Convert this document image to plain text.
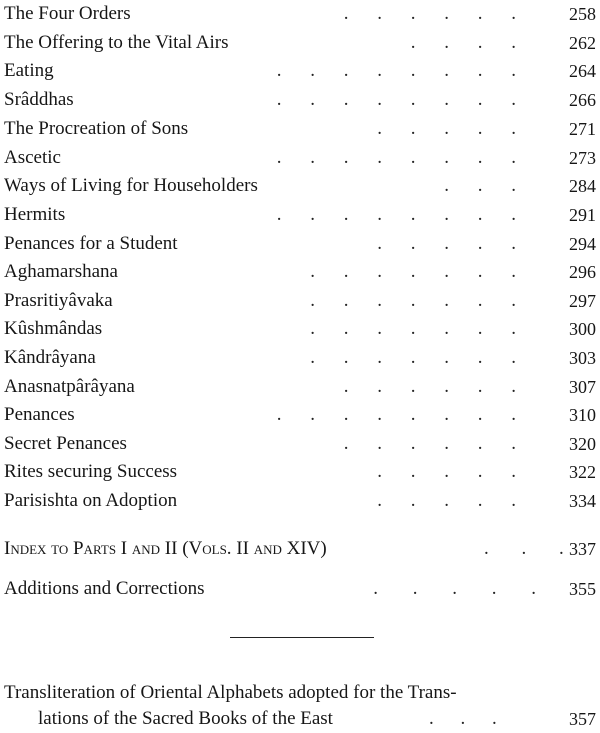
The Four Orders	. . . . . .	258
The Offering to the Vital Airs	. . . .	262
Eating	. . . . . . . .	264
Srâddhas	. . . . . . . .	266
The Procreation of Sons	. . . . .	271
Ascetic	. . . . . . . .	273
Ways of Living for Householders	. . .	284
Hermits	. . . . . . . .	291
Penances for a Student	. . . . .	294
Aghamarshana	. . . . . . .	296
Prasritiyâvaka	. . . . . . .	297
Kûshmândas	. . . . . . .	300
Kândrâyana	. . . . . . .	303
Anasnatpârâyana	. . . . . .	307
Penances	. . . . . . . .	310
Secret Penances	. . . . . .	320
Rites securing Success	. . . . .	322
Parisishta on Adoption	. . . . .	334
Index to Parts I and II (Vols. II and XIV)	. . . 337
Additions and Corrections	. . . . . 355
Transliteration of Oriental Alphabets adopted for the Trans-
lations of the Sacred Books of the East	. . .	357
